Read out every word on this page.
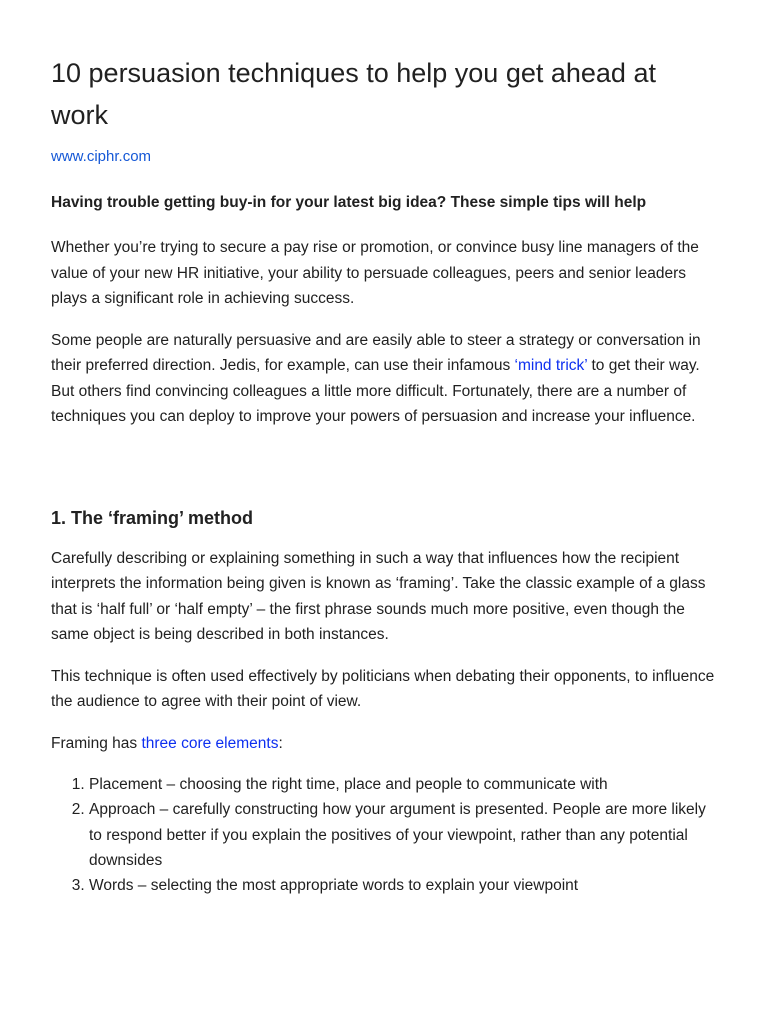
10 persuasion techniques to help you get ahead at work
www.ciphr.com
Having trouble getting buy-in for your latest big idea? These simple tips will help

Whether you’re trying to secure a pay rise or promotion, or convince busy line managers of the value of your new HR initiative, your ability to persuade colleagues, peers and senior leaders plays a significant role in achieving success.

Some people are naturally persuasive and are easily able to steer a strategy or conversation in their preferred direction. Jedis, for example, can use their infamous ‘mind trick’ to get their way. But others find convincing colleagues a little more difficult. Fortunately, there are a number of techniques you can deploy to improve your powers of persuasion and increase your influence.

1. The ‘framing’ method

Carefully describing or explaining something in such a way that influences how the recipient interprets the information being given is known as ‘framing’. Take the classic example of a glass that is ‘half full’ or ‘half empty’ – the first phrase sounds much more positive, even though the same object is being described in both instances.

This technique is often used effectively by politicians when debating their opponents, to influence the audience to agree with their point of view.

Framing has three core elements:

1. Placement – choosing the right time, place and people to communicate with
2. Approach – carefully constructing how your argument is presented. People are more likely to respond better if you explain the positives of your viewpoint, rather than any potential downsides
3. Words – selecting the most appropriate words to explain your viewpoint
